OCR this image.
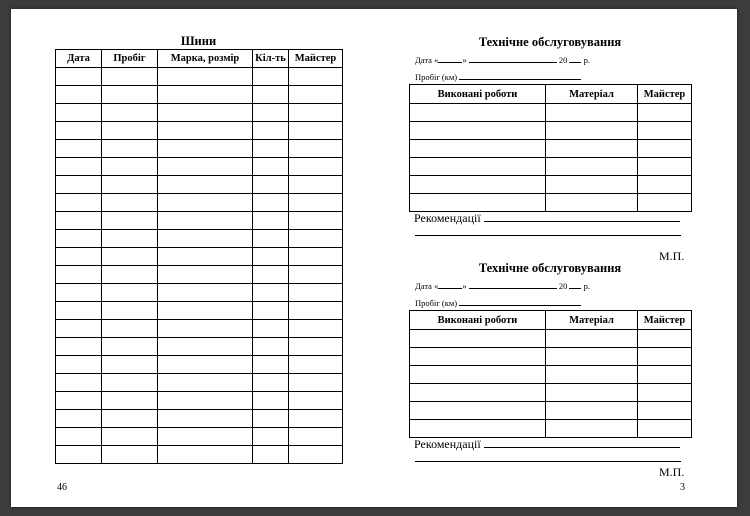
Шини
Дата	Пробіг	Марка, розмір	Кіл-ть	Майстер

46
Технічне обслуговування
Дата «	»	20 р.
Пробіг (км)
Виконані роботи	Матеріал	Майстер

Рекомендації
М.П.
Технічне обслуговування
Дата «	»	20 р.
Пробіг (км)
Виконані роботи	Матеріал	Майстер

Рекомендації
М.П.
3
